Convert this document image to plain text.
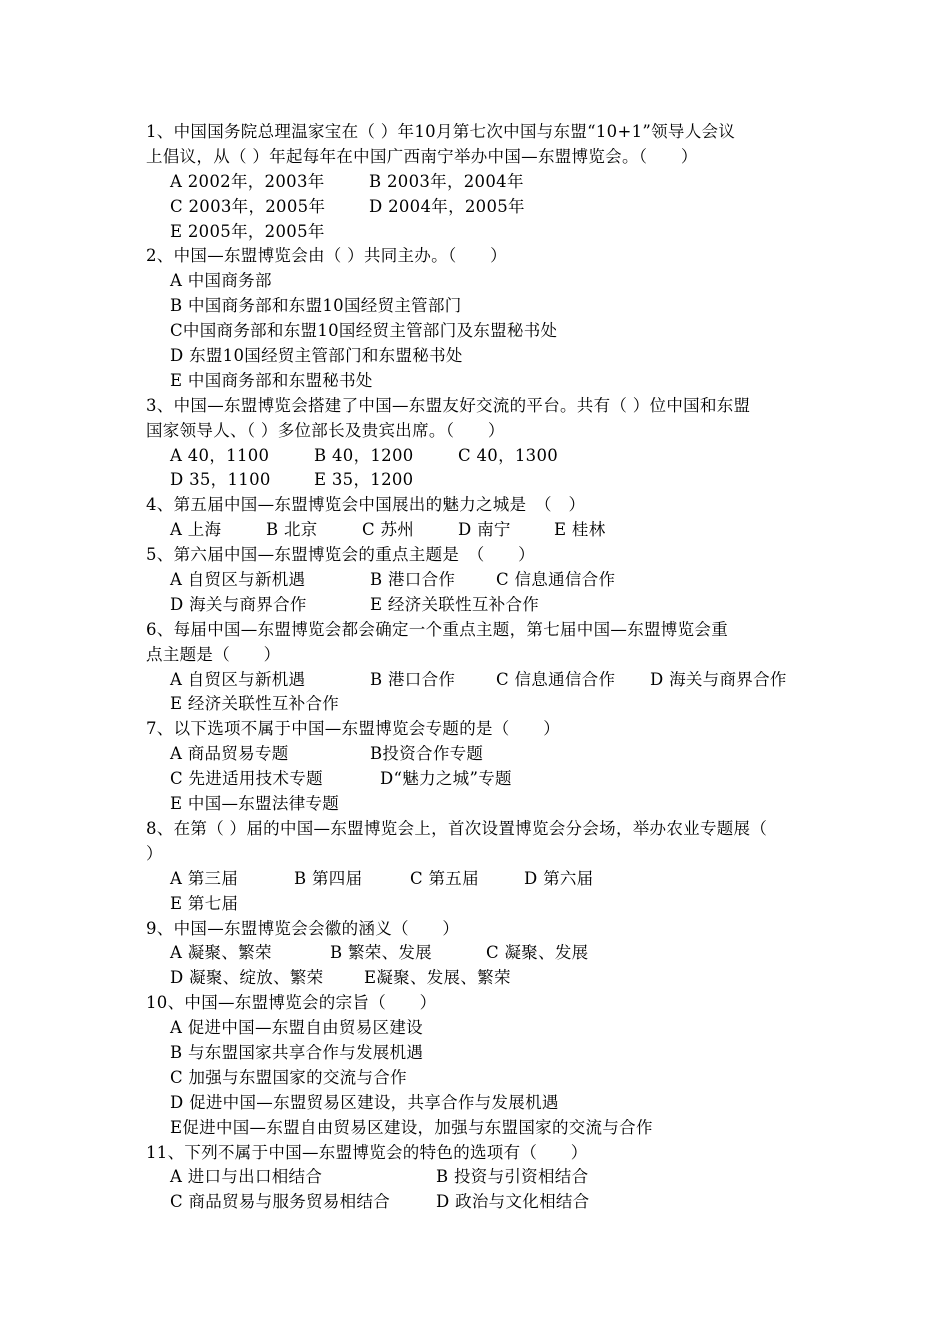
1、中国国务院总理温家宝在（ ）年10月第七次中国与东盟“10+1”领导人会议
上倡议，从（ ）年起每年在中国广西南宁举办中国—东盟博览会。（　　）
A 2002年，2003年	B 2003年，2004年
C 2003年，2005年	D 2004年，2005年
E 2005年，2005年
2、中国—东盟博览会由（ ）共同主办。（　　）
A 中国商务部
B 中国商务部和东盟10国经贸主管部门
C中国商务部和东盟10国经贸主管部门及东盟秘书处
D 东盟10国经贸主管部门和东盟秘书处
E 中国商务部和东盟秘书处
3、中国—东盟博览会搭建了中国—东盟友好交流的平台。共有（ ）位中国和东盟
国家领导人、（ ）多位部长及贵宾出席。（　　）
A 40，1100	B 40，1200	C 40，1300
D 35，1100	E 35，1200
4、第五届中国—东盟博览会中国展出的魅力之城是　（　）
A 上海	B 北京	C 苏州	D 南宁	E 桂林
5、第六届中国—东盟博览会的重点主题是　（　　）
A 自贸区与新机遇	B 港口合作 C 信息通信合作
D 海关与商界合作	E 经济关联性互补合作
6、每届中国—东盟博览会都会确定一个重点主题，第七届中国—东盟博览会重
点主题是（　　）
A 自贸区与新机遇	B 港口合作 C 信息通信合作 D 海关与商界合作
E 经济关联性互补合作
7、以下选项不属于中国—东盟博览会专题的是（　　）
A 商品贸易专题	B投资合作专题
C 先进适用技术专题	D“魅力之城”专题
E 中国—东盟法律专题
8、在第（ ）届的中国—东盟博览会上，首次设置博览会分会场，举办农业专题展（
）
A 第三届	B 第四届	C 第五届	D 第六届
E 第七届
9、中国—东盟博览会会徽的涵义（　　）
A 凝聚、繁荣	B 繁荣、发展	C 凝聚、发展
D 凝聚、绽放、繁荣 E凝聚、发展、繁荣
10、中国—东盟博览会的宗旨（　　）
A 促进中国—东盟自由贸易区建设
B 与东盟国家共享合作与发展机遇
C 加强与东盟国家的交流与合作
D 促进中国—东盟贸易区建设，共享合作与发展机遇
E促进中国—东盟自由贸易区建设，加强与东盟国家的交流与合作
11、下列不属于中国—东盟博览会的特色的选项有（　　）
A 进口与出口相结合	B 投资与引资相结合
C 商品贸易与服务贸易相结合	D 政治与文化相结合
